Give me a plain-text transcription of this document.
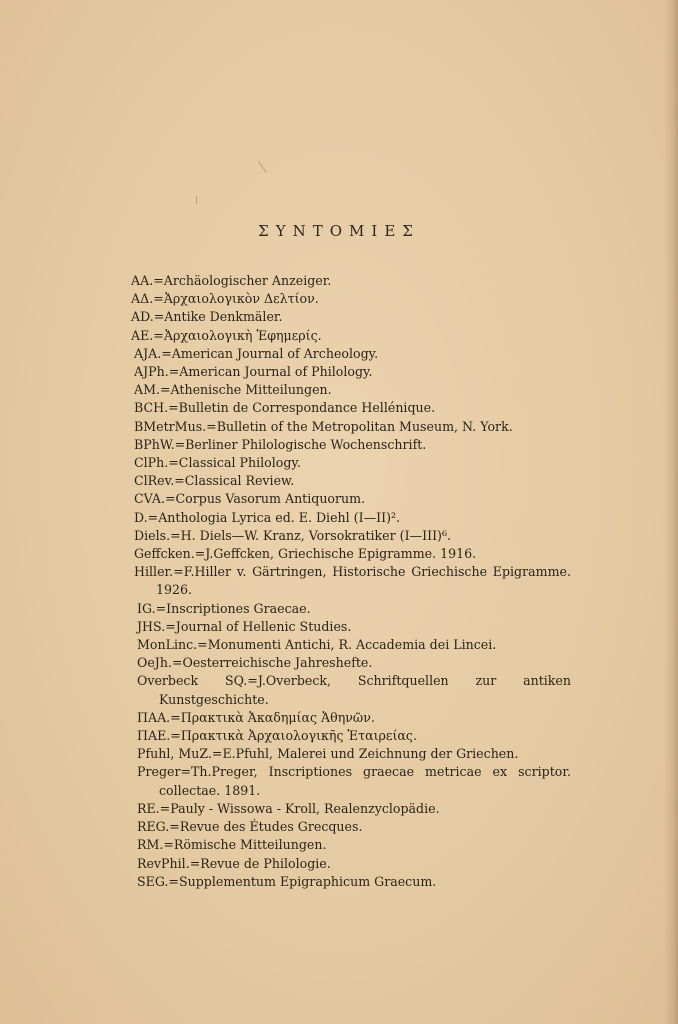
ΣΥΝΤΟΜΙΕΣ
AA.=Archäologischer Anzeiger.
AΔ.=Ἀρχαιολογικὸν Δελτίον.
AD.=Antike Denkmäler.
AE.=Ἀρχαιολογικὴ Ἐφημερίς.
AJA.=American Journal of Archeology.
AJPh.=American Journal of Philology.
AM.=Athenische Mitteilungen.
BCH.=Bulletin de Correspondance Hellénique.
BMetrMus.=Bulletin of the Metropolitan Museum, N. York.
BPhW.=Berliner Philologische Wochenschrift.
ClPh.=Classical Philology.
ClRev.=Classical Review.
CVA.=Corpus Vasorum Antiquorum.
D.=Anthologia Lyrica ed. E. Diehl (I—II)².
Diels.=H. Diels—W. Kranz, Vorsokratiker (I—III)⁶.
Geffcken.=J.Geffcken, Griechische Epigramme. 1916.
Hiller.=F.Hiller v. Gärtringen, Historische Griechische Epigramme. 1926.
IG.=Inscriptiones Graecae.
JHS.=Journal of Hellenic Studies.
MonLinc.=Monumenti Antichi, R. Accademia dei Lincei.
OeJh.=Oesterreichische Jahreshefte.
Overbeck SQ.=J.Overbeck, Schriftquellen zur antiken Kunstgeschichte.
ΠAA.=Πρακτικὰ Ἀκαδημίας Ἀθηνῶν.
ΠAE.=Πρακτικὰ Ἀρχαιολογικῆς Ἑταιρείας.
Pfuhl, MuZ.=E.Pfuhl, Malerei und Zeichnung der Griechen.
Preger=Th.Preger, Inscriptiones graecae metricae ex scriptor. collectae. 1891.
RE.=Pauly - Wissowa - Kroll, Realenzyclopädie.
REG.=Revue des Études Grecques.
RM.=Römische Mitteilungen.
RevPhil.=Revue de Philologie.
SEG.=Supplementum Epigraphicum Graecum.
